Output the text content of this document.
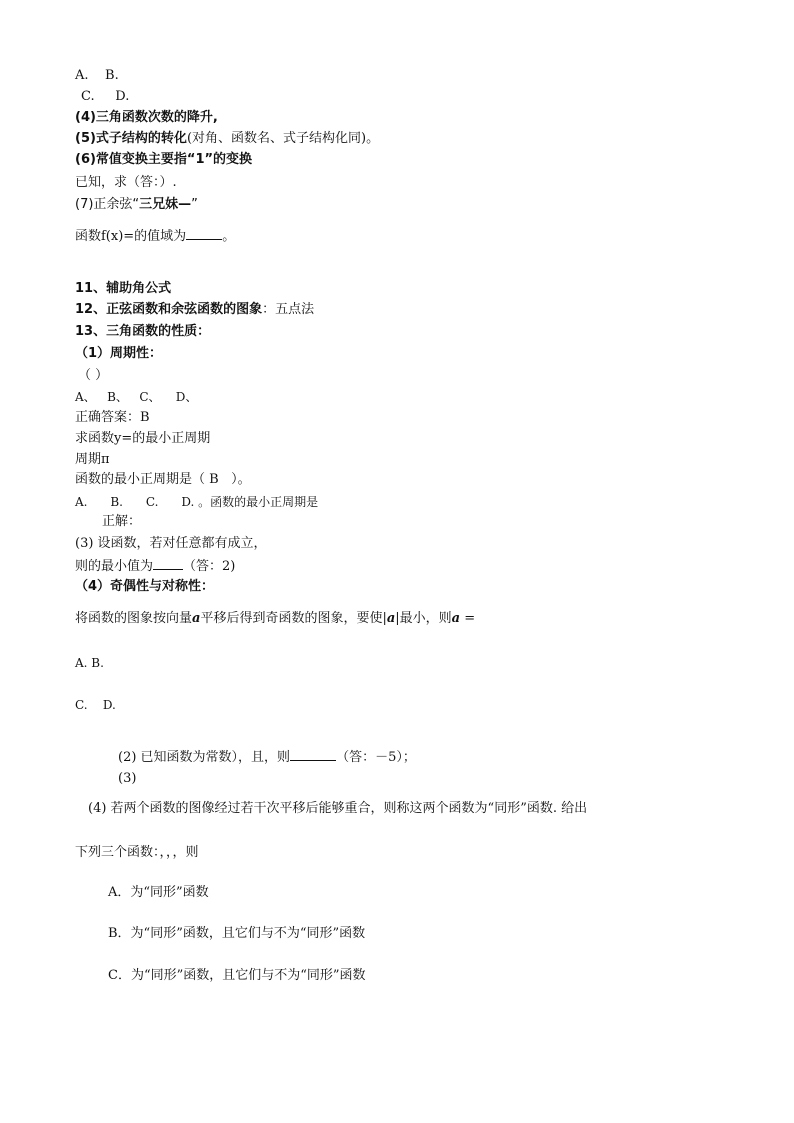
A.    B.
C.     D.
(4)三角函数次数的降升,
(5)式子结构的转化(对角、函数名、式子结构化同)。
(6)常值变换主要指“1”的变换
已知，求（答：）.
(7)正余弦“三兄妹—”
函数f(x)=的值域为	。
11、辅助角公式
12、正弦函数和余弦函数的图象：五点法
13、三角函数的性质：
（1）周期性：
（ ）
A、   B、   C、    D、
正确答案：B
求函数y=的最小正周期
周期π
函数的最小正周期是（ B   ）。
A.      B.      C.      D. 。函数的最小正周期是
正解：
(3) 设函数，若对任意都有成立，
则的最小值为 （答：2)
（4）奇偶性与对称性：
将函数的图象按向量a平移后得到奇函数的图象，要使|a|最小，则a =
A. B.
C.    D.
(2) 已知函数为常数），且，则	（答：－5）；
(3)
(4) 若两个函数的图像经过若干次平移后能够重合，则称这两个函数为“同形”函数. 给出
下列三个函数：，，，则
A．为“同形”函数
B．为“同形”函数，且它们与不为“同形”函数
C．为“同形”函数，且它们与不为“同形”函数
